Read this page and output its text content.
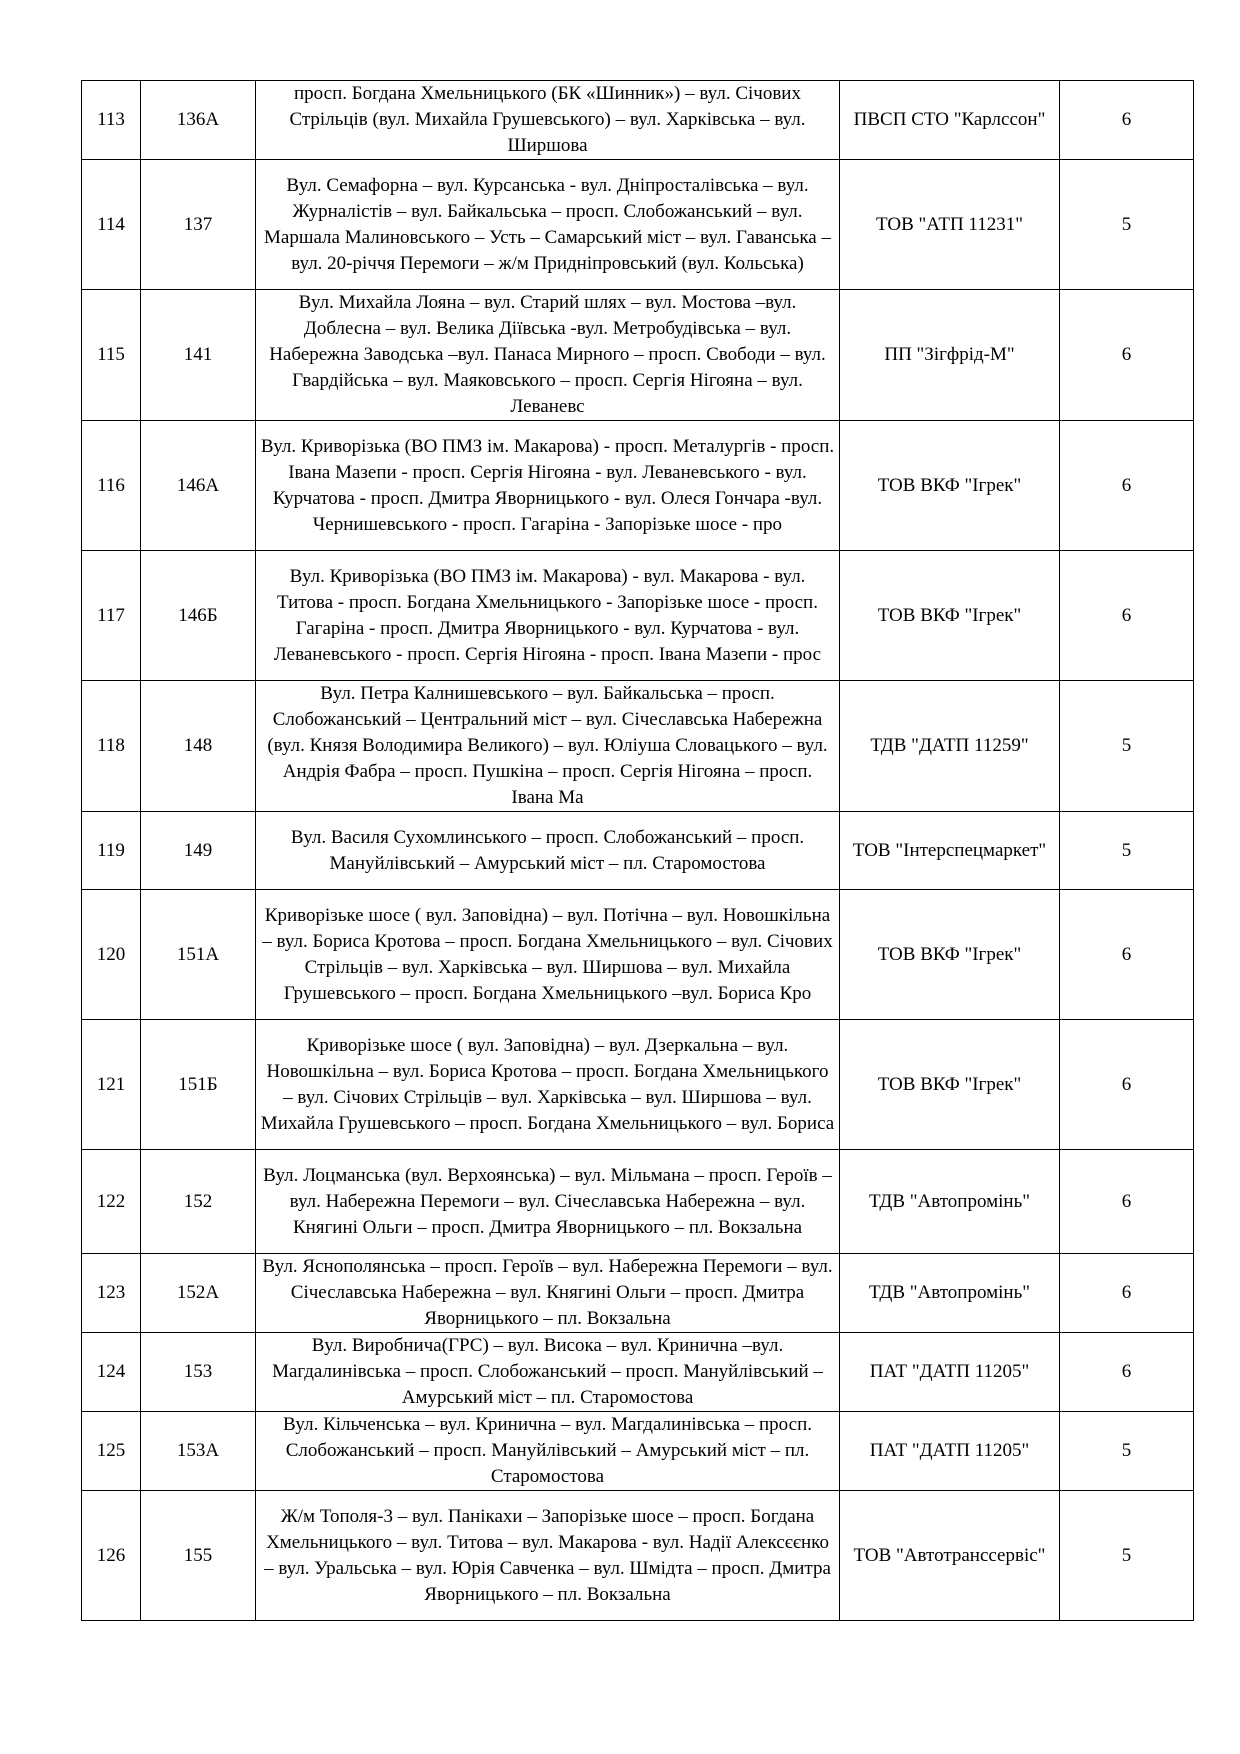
113	136А	просп. Богдана Хмельницького (БК «Шинник») – вул. Січових Стрільців (вул. Михайла Грушевського) – вул. Харківська – вул. Ширшова	ПВСП СТО "Карлссон"	6
114	137	Вул. Семафорна – вул. Курсанська - вул. Дніпросталівська – вул. Журналістів – вул. Байкальська – просп. Слобожанський – вул. Маршала Малиновського – Усть – Самарський міст – вул. Гаванська – вул. 20-річчя Перемоги – ж/м Придніпровський (вул. Кольська)	ТОВ "АТП 11231"	5
115	141	Вул. Михайла Лояна – вул. Старий шлях – вул. Мостова –вул. Доблесна – вул. Велика Діївська -вул. Метробудівська – вул. Набережна Заводська –вул. Панаса Мирного – просп. Свободи – вул. Гвардійська – вул. Маяковського – просп. Сергія Нігояна – вул. Леваневс	ПП "Зігфрід-М"	6
116	146А	Вул. Криворізька (ВО ПМЗ ім. Макарова) - просп. Металургів - просп. Івана Мазепи - просп. Сергія Нігояна - вул. Леваневського - вул. Курчатова - просп. Дмитра Яворницького - вул. Олеся Гончара -вул. Чернишевського - просп. Гагаріна - Запорізьке шосе - про	ТОВ ВКФ "Ігрек"	6
117	146Б	Вул. Криворізька (ВО ПМЗ ім. Макарова) - вул. Макарова - вул. Титова - просп. Богдана Хмельницького - Запорізьке шосе - просп. Гагаріна - просп. Дмитра Яворницького - вул. Курчатова - вул. Леваневського - просп. Сергія Нігояна - просп. Івана Мазепи - прос	ТОВ ВКФ "Ігрек"	6
118	148	Вул. Петра Калнишевського – вул. Байкальська – просп. Слобожанський – Центральний міст – вул. Січеславська Набережна (вул. Князя Володимира Великого) – вул. Юліуша Словацького – вул. Андрія Фабра – просп. Пушкіна – просп. Сергія Нігояна – просп. Івана Ма	ТДВ "ДАТП 11259"	5
119	149	Вул. Василя Сухомлинського – просп. Слобожанський – просп. Мануйлівський – Амурський міст – пл. Старомостова	ТОВ "Інтерспецмаркет"	5
120	151А	Криворізьке шосе ( вул. Заповідна) – вул. Потічна – вул. Новошкільна – вул. Бориса Кротова – просп. Богдана Хмельницького – вул. Січових Стрільців – вул. Харківська – вул. Ширшова – вул. Михайла Грушевського – просп. Богдана Хмельницького –вул. Бориса Кро	ТОВ ВКФ "Ігрек"	6
121	151Б	Криворізьке шосе ( вул. Заповідна) – вул. Дзеркальна – вул. Новошкільна – вул. Бориса Кротова – просп. Богдана Хмельницького – вул. Січових Стрільців – вул. Харківська – вул. Ширшова – вул. Михайла Грушевського – просп. Богдана Хмельницького – вул. Бориса	ТОВ ВКФ "Ігрек"	6
122	152	Вул. Лоцманська (вул. Верхоянська) – вул. Мільмана – просп. Героїв – вул. Набережна Перемоги – вул. Січеславська Набережна – вул. Княгині Ольги – просп. Дмитра Яворницького – пл. Вокзальна	ТДВ "Автопромінь"	6
123	152А	Вул. Яснополянська – просп. Героїв – вул. Набережна Перемоги – вул. Січеславська Набережна – вул. Княгині Ольги – просп. Дмитра Яворницького – пл. Вокзальна	ТДВ "Автопромінь"	6
124	153	Вул. Виробнича(ГРС) – вул. Висока – вул. Кринична –вул. Магдалинівська – просп. Слобожанський – просп. Мануйлівський – Амурський міст – пл. Старомостова	ПАТ "ДАТП 11205"	6
125	153А	Вул. Кільченська – вул. Кринична – вул. Магдалинівська – просп. Слобожанський – просп. Мануйлівський – Амурський міст – пл. Старомостова	ПАТ "ДАТП 11205"	5
126	155	Ж/м Тополя-3 – вул. Панікахи – Запорізьке шосе – просп. Богдана Хмельницького – вул. Титова – вул. Макарова - вул. Надії Алексєєнко – вул. Уральська – вул. Юрія Савченка – вул. Шмідта – просп. Дмитра Яворницького – пл. Вокзальна	ТОВ "Автотранссервіс"	5
